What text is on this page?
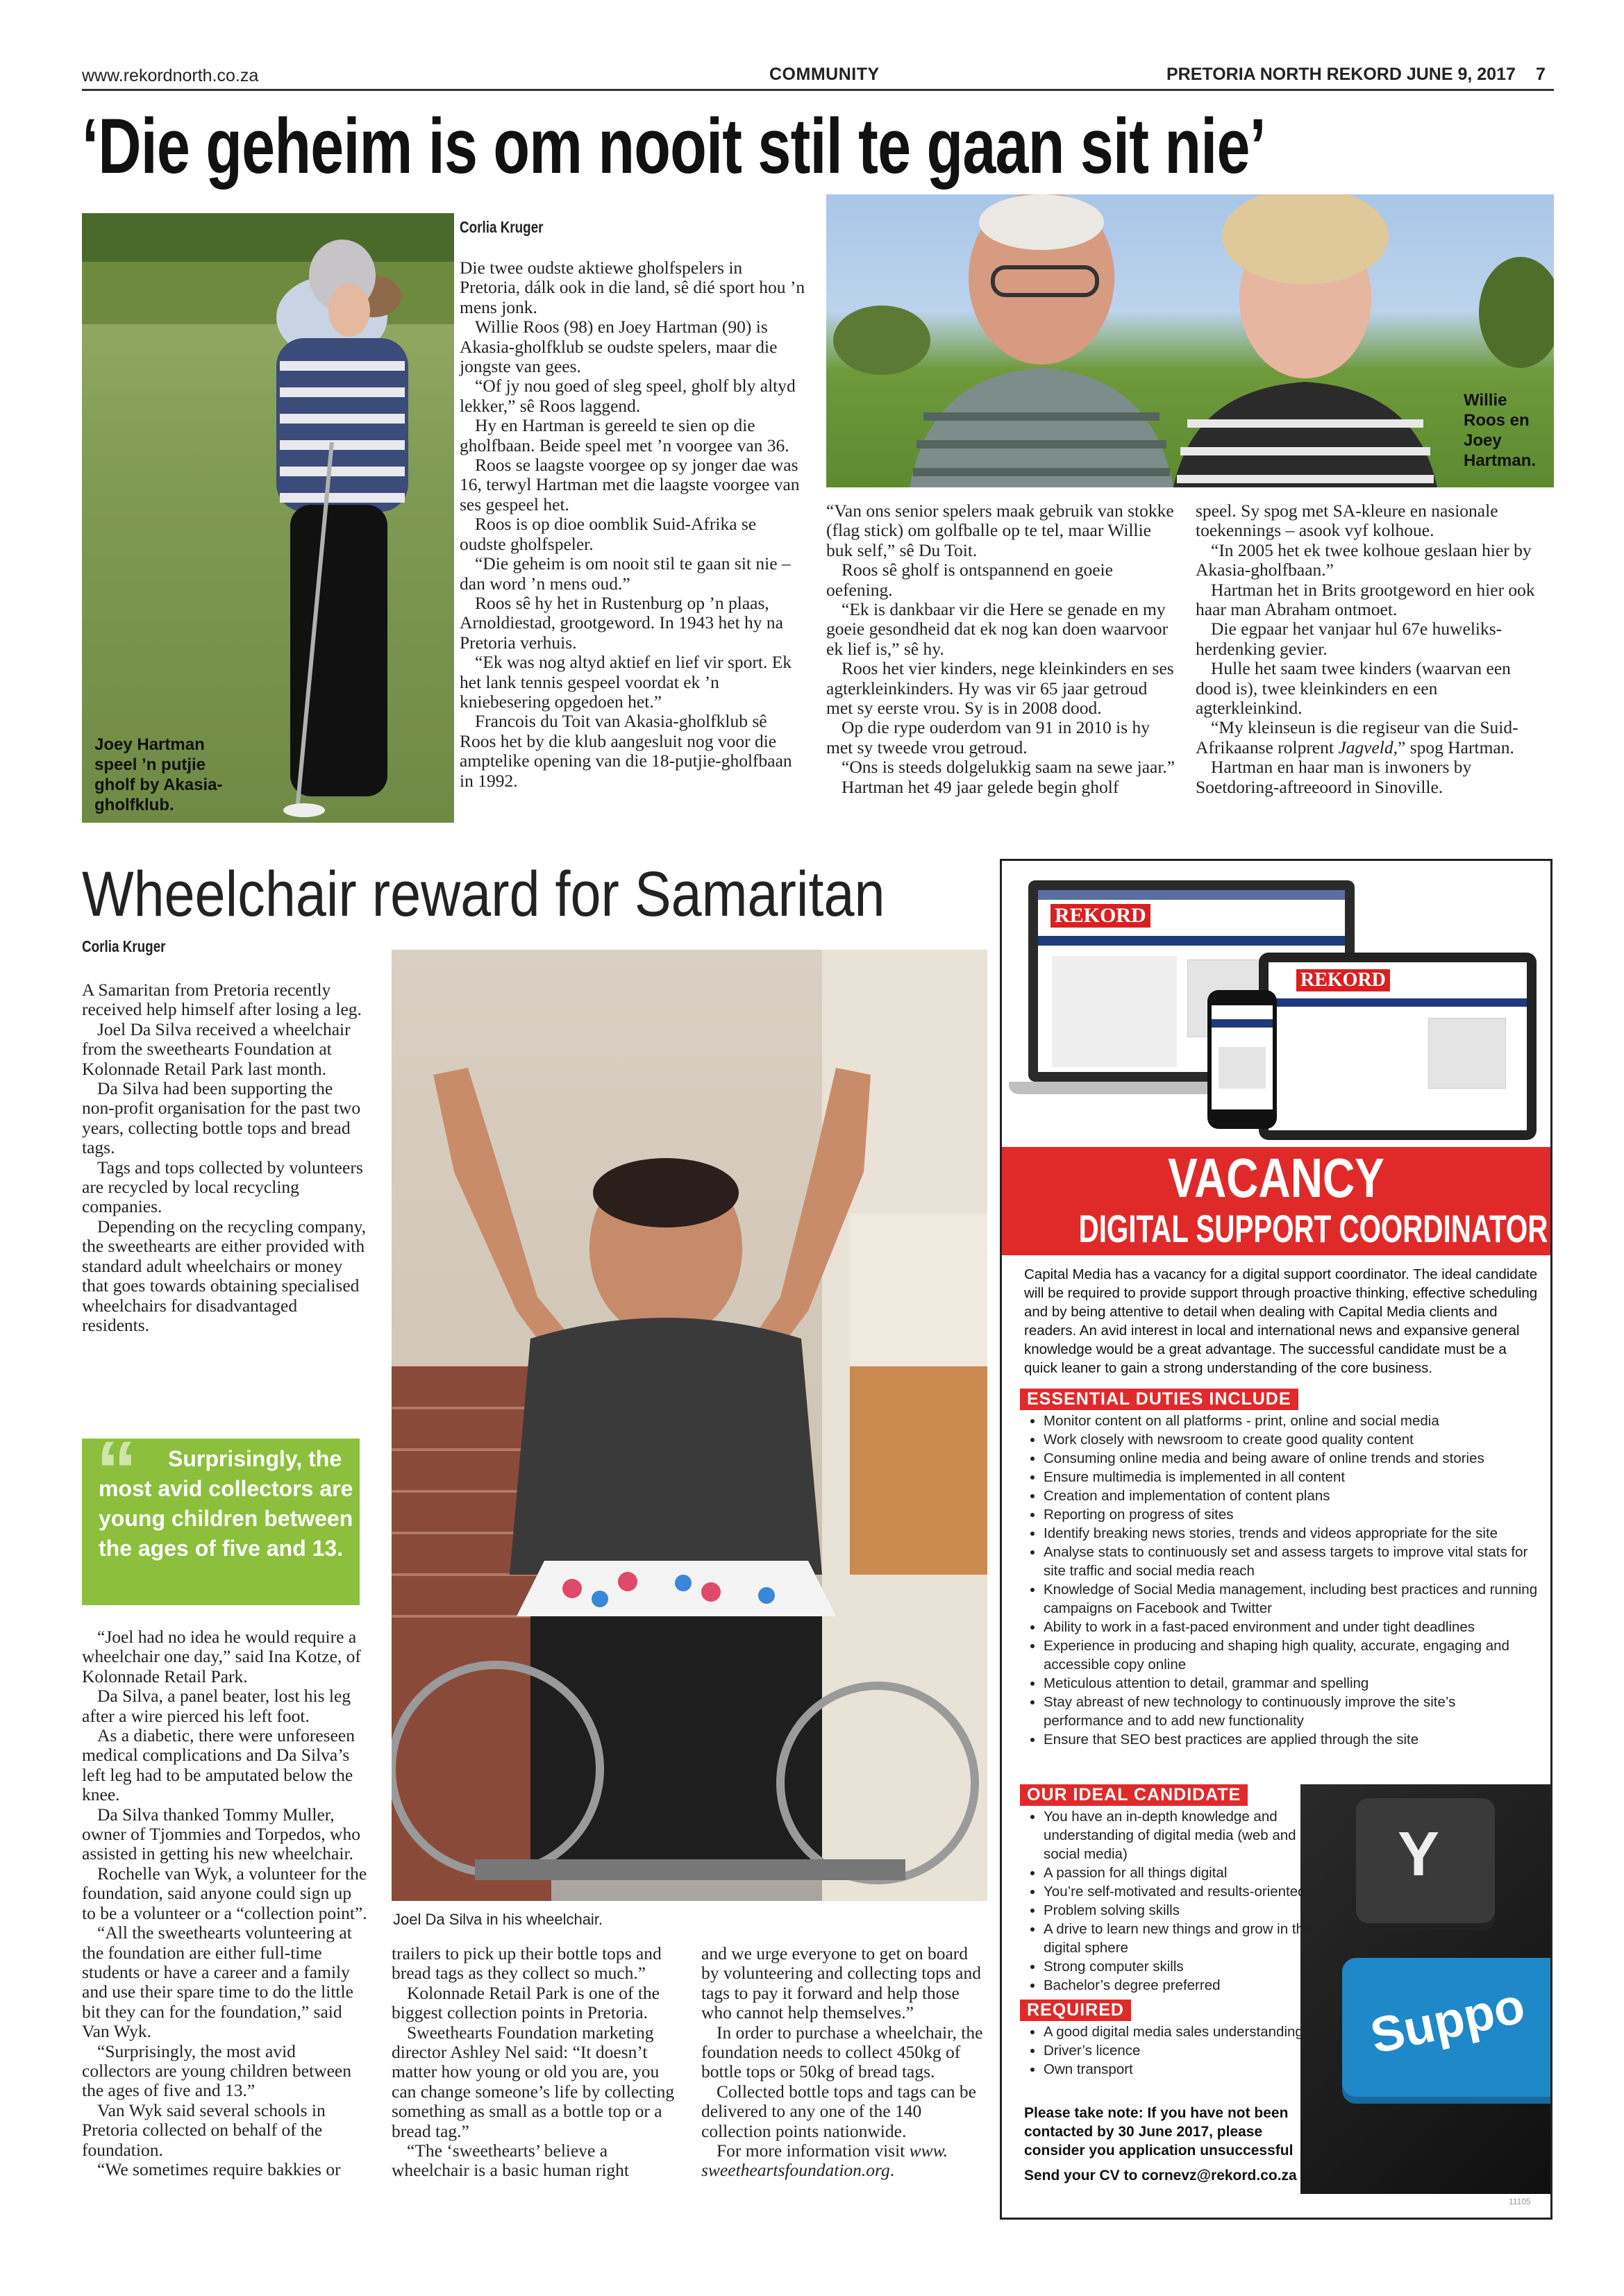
www.rekordnorth.co.za	COMMUNITY	PRETORIA NORTH REKORD JUNE 9, 2017 7
‘Die geheim is om nooit stil te gaan sit nie’
Joey Hartman speel ’n putjie gholf by Akasia-gholfklub.
Corlia Kruger

Die twee oudste aktiewe gholfspelers in Pretoria, dálk ook in die land, sê dié sport hou ’n mens jonk.

Willie Roos (98) en Joey Hartman (90) is Akasia-gholfklub se oudste spelers, maar die jongste van gees.

“Of jy nou goed of sleg speel, gholf bly altyd lekker,” sê Roos laggend.

Hy en Hartman is gereeld te sien op die gholfbaan. Beide speel met ’n voorgee van 36.

Roos se laagste voorgee op sy jonger dae was 16, terwyl Hartman met die laagste voorgee van ses gespeel het.

Roos is op dioe oomblik Suid-Afrika se oudste gholfspeler.

“Die geheim is om nooit stil te gaan sit nie – dan word ’n mens oud.”

Roos sê hy het in Rustenburg op ’n plaas, Arnoldiestad, grootgeword. In 1943 het hy na Pretoria verhuis.

“Ek was nog altyd aktief en lief vir sport. Ek het lank tennis gespeel voordat ek ’n kniebesering opgedoen het.”

Francois du Toit van Akasia-gholfklub sê Roos het by die klub aangesluit nog voor die amptelike opening van die 18-putjie-gholfbaan in 1992.

Willie Roos en Joey Hartman.

“Van ons senior spelers maak gebruik van stokke (flag stick) om golfballe op te tel, maar Willie buk self,” sê Du Toit.

Roos sê gholf is ontspannend en goeie oefening.

“Ek is dankbaar vir die Here se genade en my goeie gesondheid dat ek nog kan doen waarvoor ek lief is,” sê hy.

Roos het vier kinders, nege kleinkinders en ses agterkleinkinders. Hy was vir 65 jaar getroud met sy eerste vrou. Sy is in 2008 dood.

Op die rype ouderdom van 91 in 2010 is hy met sy tweede vrou getroud.

“Ons is steeds dolgelukkig saam na sewe jaar.”

Hartman het 49 jaar gelede begin gholf

speel. Sy spog met SA-kleure en nasionale toekennings – asook vyf kolhoue.

“In 2005 het ek twee kolhoue geslaan hier by Akasia-gholfbaan.”

Hartman het in Brits grootgeword en hier ook haar man Abraham ontmoet.

Die egpaar het vanjaar hul 67e huweliks-herdenking gevier.

Hulle het saam twee kinders (waarvan een dood is), twee kleinkinders en een agterkleinkind.

“My kleinseun is die regiseur van die Suid-Afrikaanse rolprent Jagveld,” spog Hartman.

Hartman en haar man is inwoners by Soetdoring-aftreeoord in Sinoville.

Wheelchair reward for Samaritan
Corlia Kruger

A Samaritan from Pretoria recently received help himself after losing a leg.

Joel Da Silva received a wheelchair from the sweethearts Foundation at Kolonnade Retail Park last month.

Da Silva had been supporting the non-profit organisation for the past two years, collecting bottle tops and bread tags.

Tags and tops collected by volunteers are recycled by local recycling companies.

Depending on the recycling company, the sweethearts are either provided with standard adult wheelchairs or money that goes towards obtaining specialised wheelchairs for disadvantaged residents.

“	Surprisingly, the most avid collectors are young children between the ages of five and 13.

“Joel had no idea he would require a wheelchair one day,” said Ina Kotze, of Kolonnade Retail Park.

Da Silva, a panel beater, lost his leg after a wire pierced his left foot.

As a diabetic, there were unforeseen medical complications and Da Silva’s left leg had to be amputated below the knee.

Da Silva thanked Tommy Muller, owner of Tjommies and Torpedos, who assisted in getting his new wheelchair.

Rochelle van Wyk, a volunteer for the foundation, said anyone could sign up to be a volunteer or a “collection point”.

“All the sweethearts volunteering at the foundation are either full-time students or have a career and a family and use their spare time to do the little bit they can for the foundation,” said Van Wyk.

“Surprisingly, the most avid collectors are young children between the ages of five and 13.”

Van Wyk said several schools in Pretoria collected on behalf of the foundation.

“We sometimes require bakkies or

Joel Da Silva in his wheelchair.

trailers to pick up their bottle tops and bread tags as they collect so much.”

Kolonnade Retail Park is one of the biggest collection points in Pretoria.

Sweethearts Foundation marketing director Ashley Nel said: “It doesn’t matter how young or old you are, you can change someone’s life by collecting something as small as a bottle top or a bread tag.”

“The ‘sweethearts’ believe a wheelchair is a basic human right

and we urge everyone to get on board by volunteering and collecting tops and tags to pay it forward and help those who cannot help themselves.”

In order to purchase a wheelchair, the foundation needs to collect 450kg of bottle tops or 50kg of bread tags.

Collected bottle tops and tags can be delivered to any one of the 140 collection points nationwide.

For more information visit www. sweetheartsfoundation.org.

REKORD
REKORD
VACANCY
DIGITAL SUPPORT COORDINATOR
Capital Media has a vacancy for a digital support coordinator. The ideal candidate will be required to provide support through proactive thinking, effective scheduling and by being attentive to detail when dealing with Capital Media clients and readers. An avid interest in local and international news and expansive general knowledge would be a great advantage. The successful candidate must be a quick leaner to gain a strong understanding of the core business.
ESSENTIAL DUTIES INCLUDE
• Monitor content on all platforms - print, online and social media
• Work closely with newsroom to create good quality content
• Consuming online media and being aware of online trends and stories
• Ensure multimedia is implemented in all content
• Creation and implementation of content plans
• Reporting on progress of sites
• Identify breaking news stories, trends and videos appropriate for the site
• Analyse stats to continuously set and assess targets to improve vital stats for site traffic and social media reach
• Knowledge of Social Media management, including best practices and running campaigns on Facebook and Twitter
• Ability to work in a fast-paced environment and under tight deadlines
• Experience in producing and shaping high quality, accurate, engaging and accessible copy online
• Meticulous attention to detail, grammar and spelling
• Stay abreast of new technology to continuously improve the site’s performance and to add new functionality
• Ensure that SEO best practices are applied through the site
Y
Suppo
OUR IDEAL CANDIDATE
• You have an in-depth knowledge and understanding of digital media (web and social media)
• A passion for all things digital
• You’re self-motivated and results-oriented
• Problem solving skills
• A drive to learn new things and grow in the digital sphere
• Strong computer skills
• Bachelor’s degree preferred
REQUIRED
• A good digital media sales understanding
• Driver’s licence
• Own transport
Please take note: If you have not been contacted by 30 June 2017, please consider you application unsuccessful
Send your CV to cornevz@rekord.co.za
11105
